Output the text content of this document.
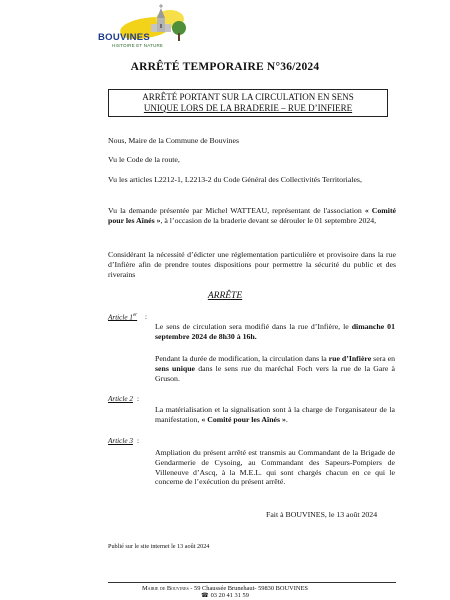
BOUVINES
HISTOIRE ET NATURE
ARRÊTÉ TEMPORAIRE N°36/2024
ARRÊTÉ PORTANT SUR LA CIRCULATION EN SENS
UNIQUE LORS DE LA BRADERIE – RUE D’INFIERE
Nous, Maire de la Commune de Bouvines
Vu le Code de la route,
Vu les articles L2212-1, L2213-2 du Code Général des Collectivités Territoriales,
Vu la demande présentée par Michel WATTEAU, représentant de l'association « Comité pour les Aînés », à l’occasion de la braderie devant se dérouler le 01 septembre 2024,
Considérant la nécessité d’édicter une réglementation particulière et provisoire dans la rue d’Infière afin de prendre toutes dispositions pour permettre la sécurité du public et des riverains
ARRÊTE
Article 1er :
Le sens de circulation sera modifié dans la rue d’Infière, le dimanche 01 septembre 2024 de 8h30 à 16h.
Pendant la durée de modification, la circulation dans la rue d’Infière sera en sens unique dans le sens rue du maréchal Foch vers la rue de la Gare à Gruson.
Article 2 :
La matérialisation et la signalisation sont à la charge de l'organisateur de la manifestation, « Comité pour les Aînés ».
Article 3 :
Ampliation du présent arrêté est transmis au Commandant de la Brigade de Gendarmerie de Cysoing, au Commandant des Sapeurs-Pompiers de Villeneuve d’Ascq, à la M.E.L. qui sont chargés chacun en ce qui le concerne de l’exécution du présent arrêté.
Fait à BOUVINES, le 13 août 2024
Publié sur le site internet le 13 août 2024
Mairie de Bouvines - 59 Chaussée Brunehaut- 59830 BOUVINES
☎ 03 20 41 31 59
